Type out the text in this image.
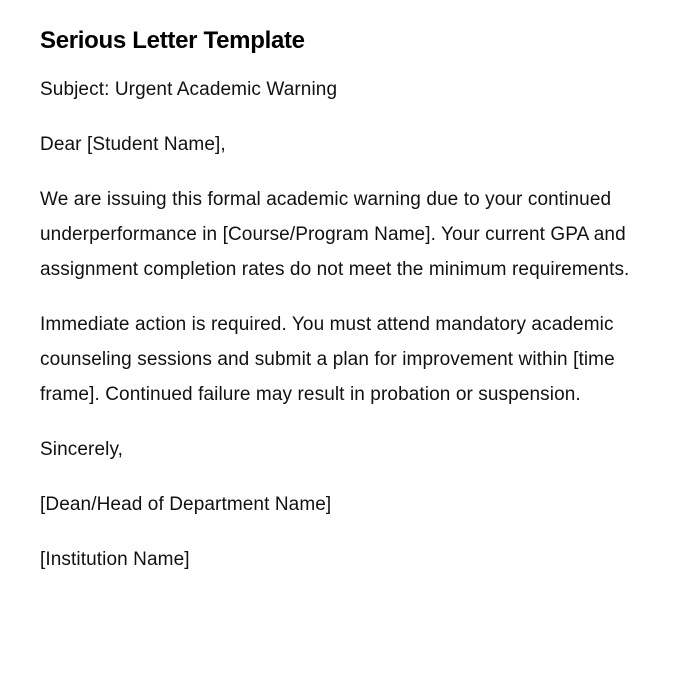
Serious Letter Template

Subject: Urgent Academic Warning

Dear [Student Name],

We are issuing this formal academic warning due to your continued underperformance in [Course/Program Name]. Your current GPA and assignment completion rates do not meet the minimum requirements.

Immediate action is required. You must attend mandatory academic counseling sessions and submit a plan for improvement within [time frame]. Continued failure may result in probation or suspension.

Sincerely,

[Dean/Head of Department Name]

[Institution Name]
